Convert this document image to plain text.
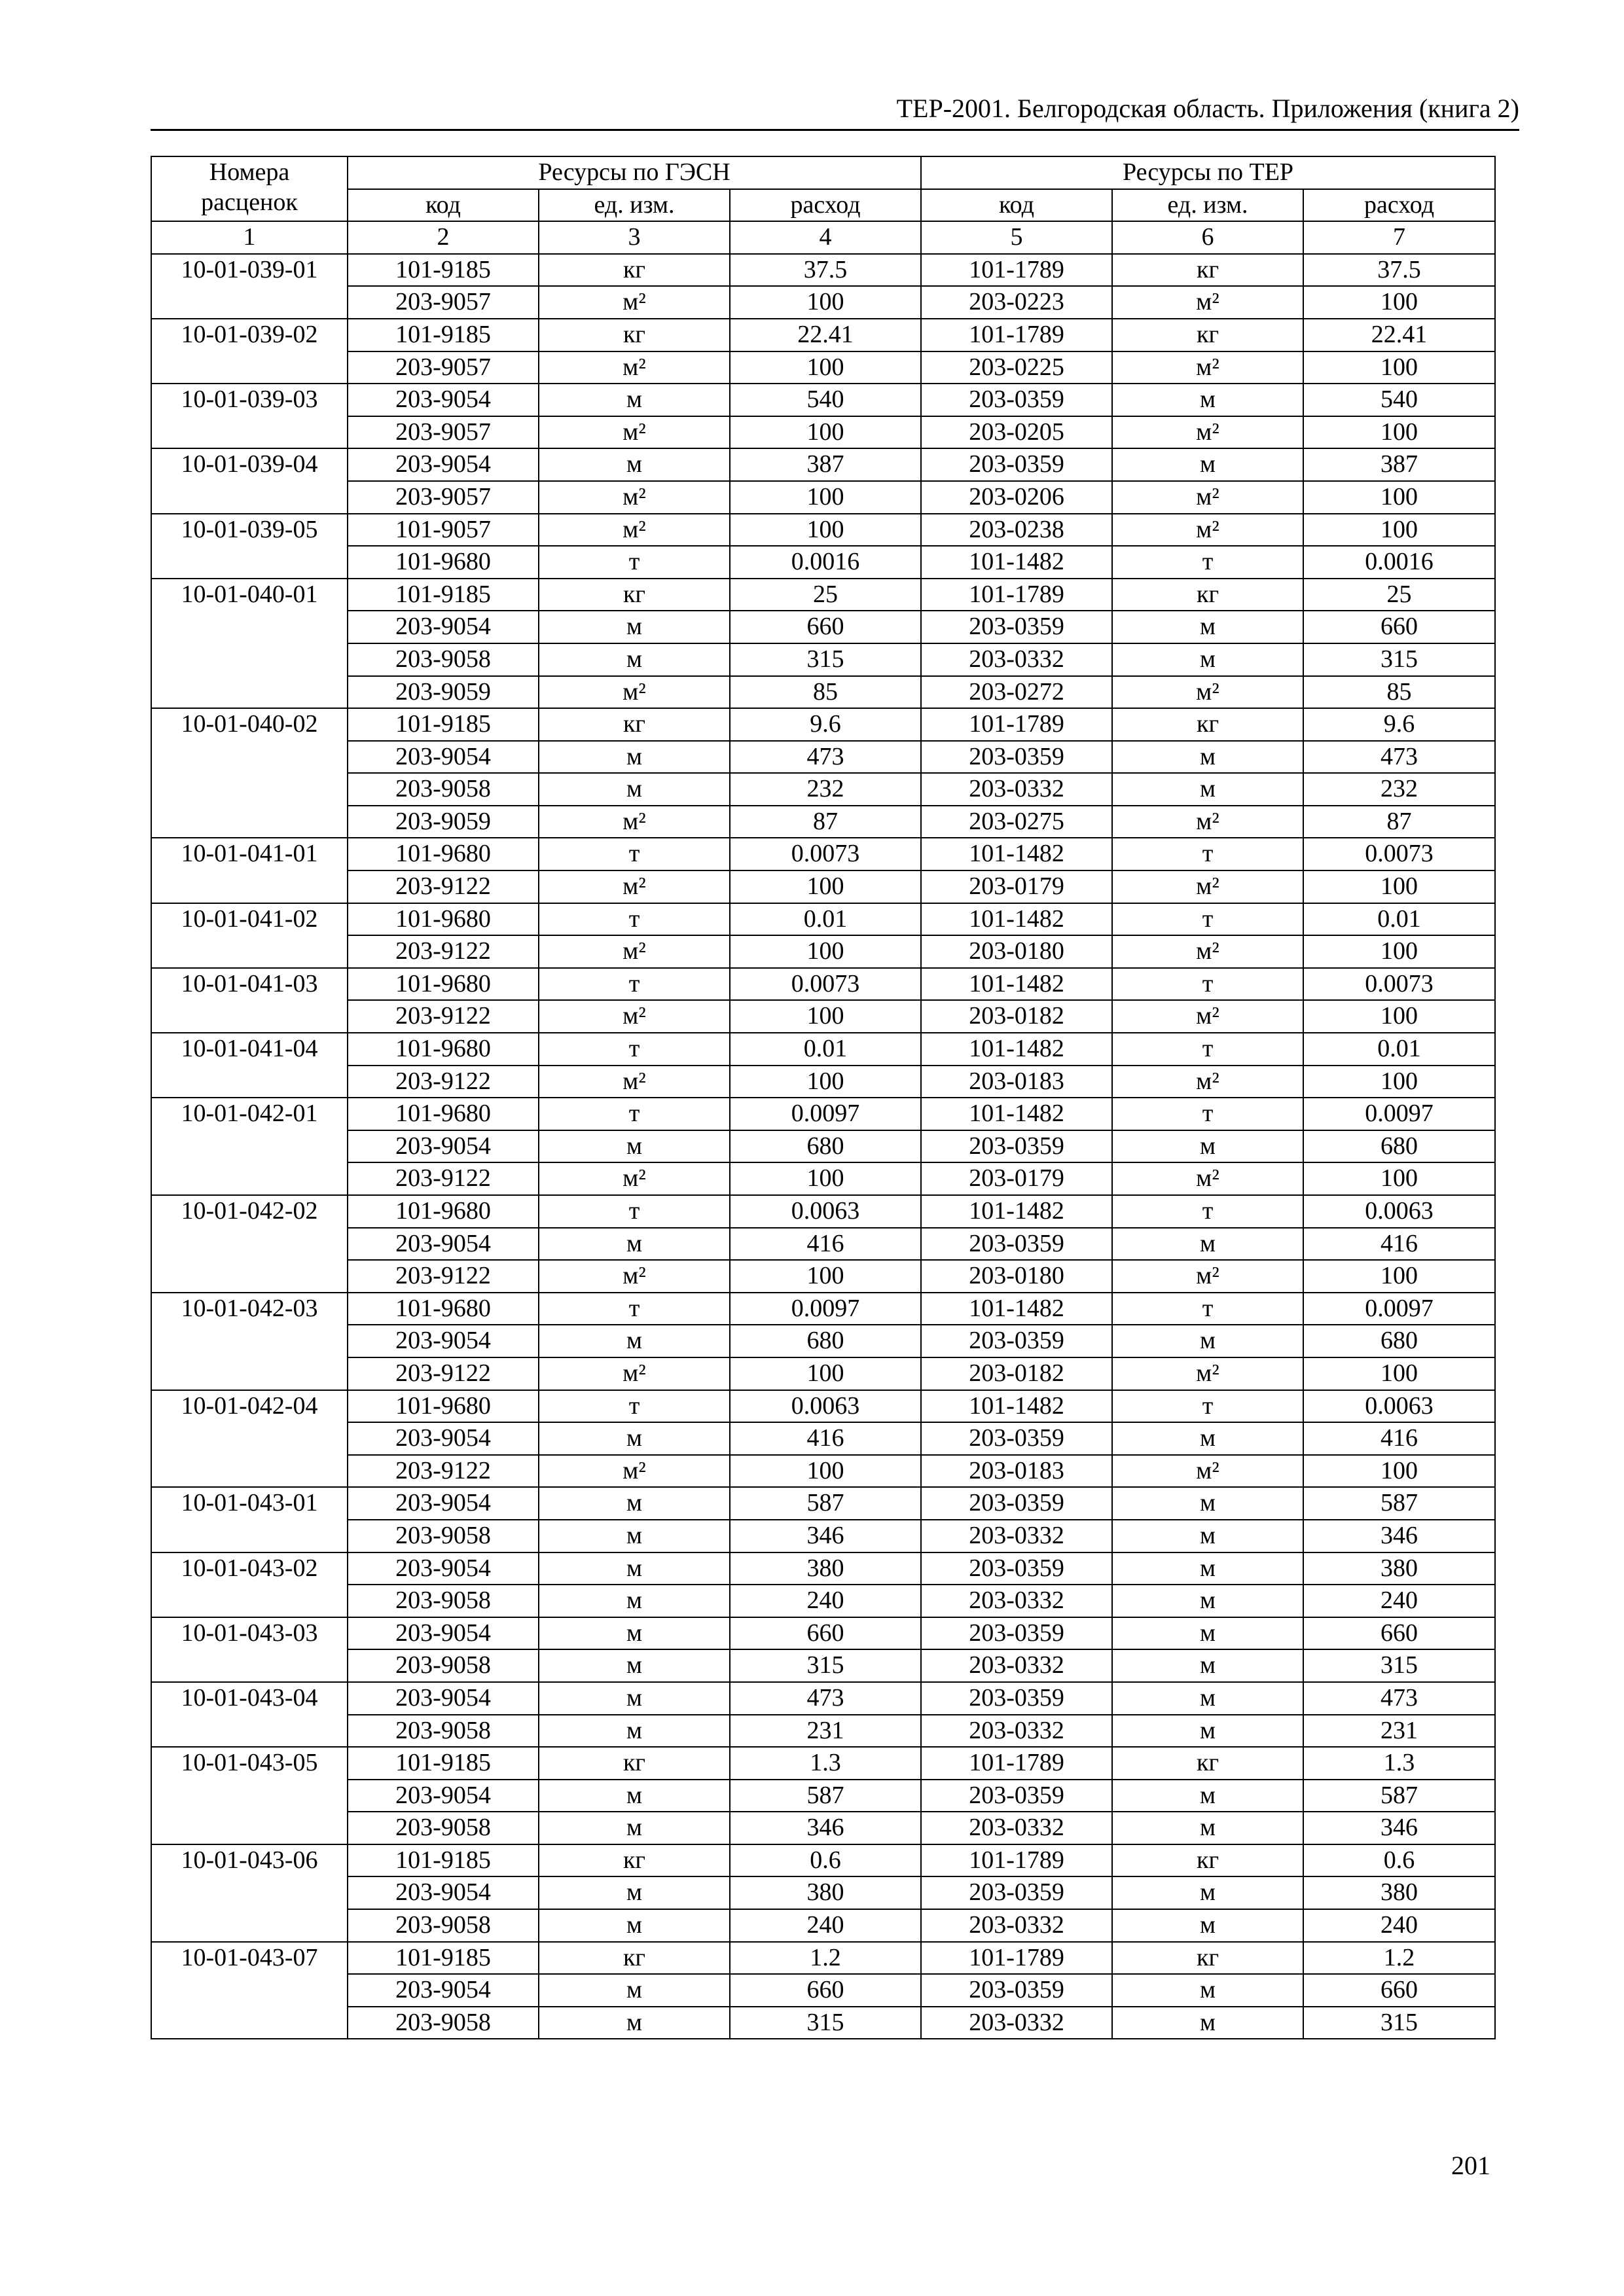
ТЕР-2001. Белгородская область. Приложения (книга 2)
Номера
расценок	Ресурсы по ГЭСН			Ресурсы по ТЕР		
	код	ед. изм.	расход	код	ед. изм.	расход
1	2	3	4	5	6	7
10-01-039-01	101-9185	кг	37.5	101-1789	кг	37.5
	203-9057	м²	100	203-0223	м²	100
10-01-039-02	101-9185	кг	22.41	101-1789	кг	22.41
	203-9057	м²	100	203-0225	м²	100
10-01-039-03	203-9054	м	540	203-0359	м	540
	203-9057	м²	100	203-0205	м²	100
10-01-039-04	203-9054	м	387	203-0359	м	387
	203-9057	м²	100	203-0206	м²	100
10-01-039-05	101-9057	м²	100	203-0238	м²	100
	101-9680	т	0.0016	101-1482	т	0.0016
10-01-040-01	101-9185	кг	25	101-1789	кг	25
	203-9054	м	660	203-0359	м	660
	203-9058	м	315	203-0332	м	315
	203-9059	м²	85	203-0272	м²	85
10-01-040-02	101-9185	кг	9.6	101-1789	кг	9.6
	203-9054	м	473	203-0359	м	473
	203-9058	м	232	203-0332	м	232
	203-9059	м²	87	203-0275	м²	87
10-01-041-01	101-9680	т	0.0073	101-1482	т	0.0073
	203-9122	м²	100	203-0179	м²	100
10-01-041-02	101-9680	т	0.01	101-1482	т	0.01
	203-9122	м²	100	203-0180	м²	100
10-01-041-03	101-9680	т	0.0073	101-1482	т	0.0073
	203-9122	м²	100	203-0182	м²	100
10-01-041-04	101-9680	т	0.01	101-1482	т	0.01
	203-9122	м²	100	203-0183	м²	100
10-01-042-01	101-9680	т	0.0097	101-1482	т	0.0097
	203-9054	м	680	203-0359	м	680
	203-9122	м²	100	203-0179	м²	100
10-01-042-02	101-9680	т	0.0063	101-1482	т	0.0063
	203-9054	м	416	203-0359	м	416
	203-9122	м²	100	203-0180	м²	100
10-01-042-03	101-9680	т	0.0097	101-1482	т	0.0097
	203-9054	м	680	203-0359	м	680
	203-9122	м²	100	203-0182	м²	100
10-01-042-04	101-9680	т	0.0063	101-1482	т	0.0063
	203-9054	м	416	203-0359	м	416
	203-9122	м²	100	203-0183	м²	100
10-01-043-01	203-9054	м	587	203-0359	м	587
	203-9058	м	346	203-0332	м	346
10-01-043-02	203-9054	м	380	203-0359	м	380
	203-9058	м	240	203-0332	м	240
10-01-043-03	203-9054	м	660	203-0359	м	660
	203-9058	м	315	203-0332	м	315
10-01-043-04	203-9054	м	473	203-0359	м	473
	203-9058	м	231	203-0332	м	231
10-01-043-05	101-9185	кг	1.3	101-1789	кг	1.3
	203-9054	м	587	203-0359	м	587
	203-9058	м	346	203-0332	м	346
10-01-043-06	101-9185	кг	0.6	101-1789	кг	0.6
	203-9054	м	380	203-0359	м	380
	203-9058	м	240	203-0332	м	240
10-01-043-07	101-9185	кг	1.2	101-1789	кг	1.2
	203-9054	м	660	203-0359	м	660
	203-9058	м	315	203-0332	м	315
201
